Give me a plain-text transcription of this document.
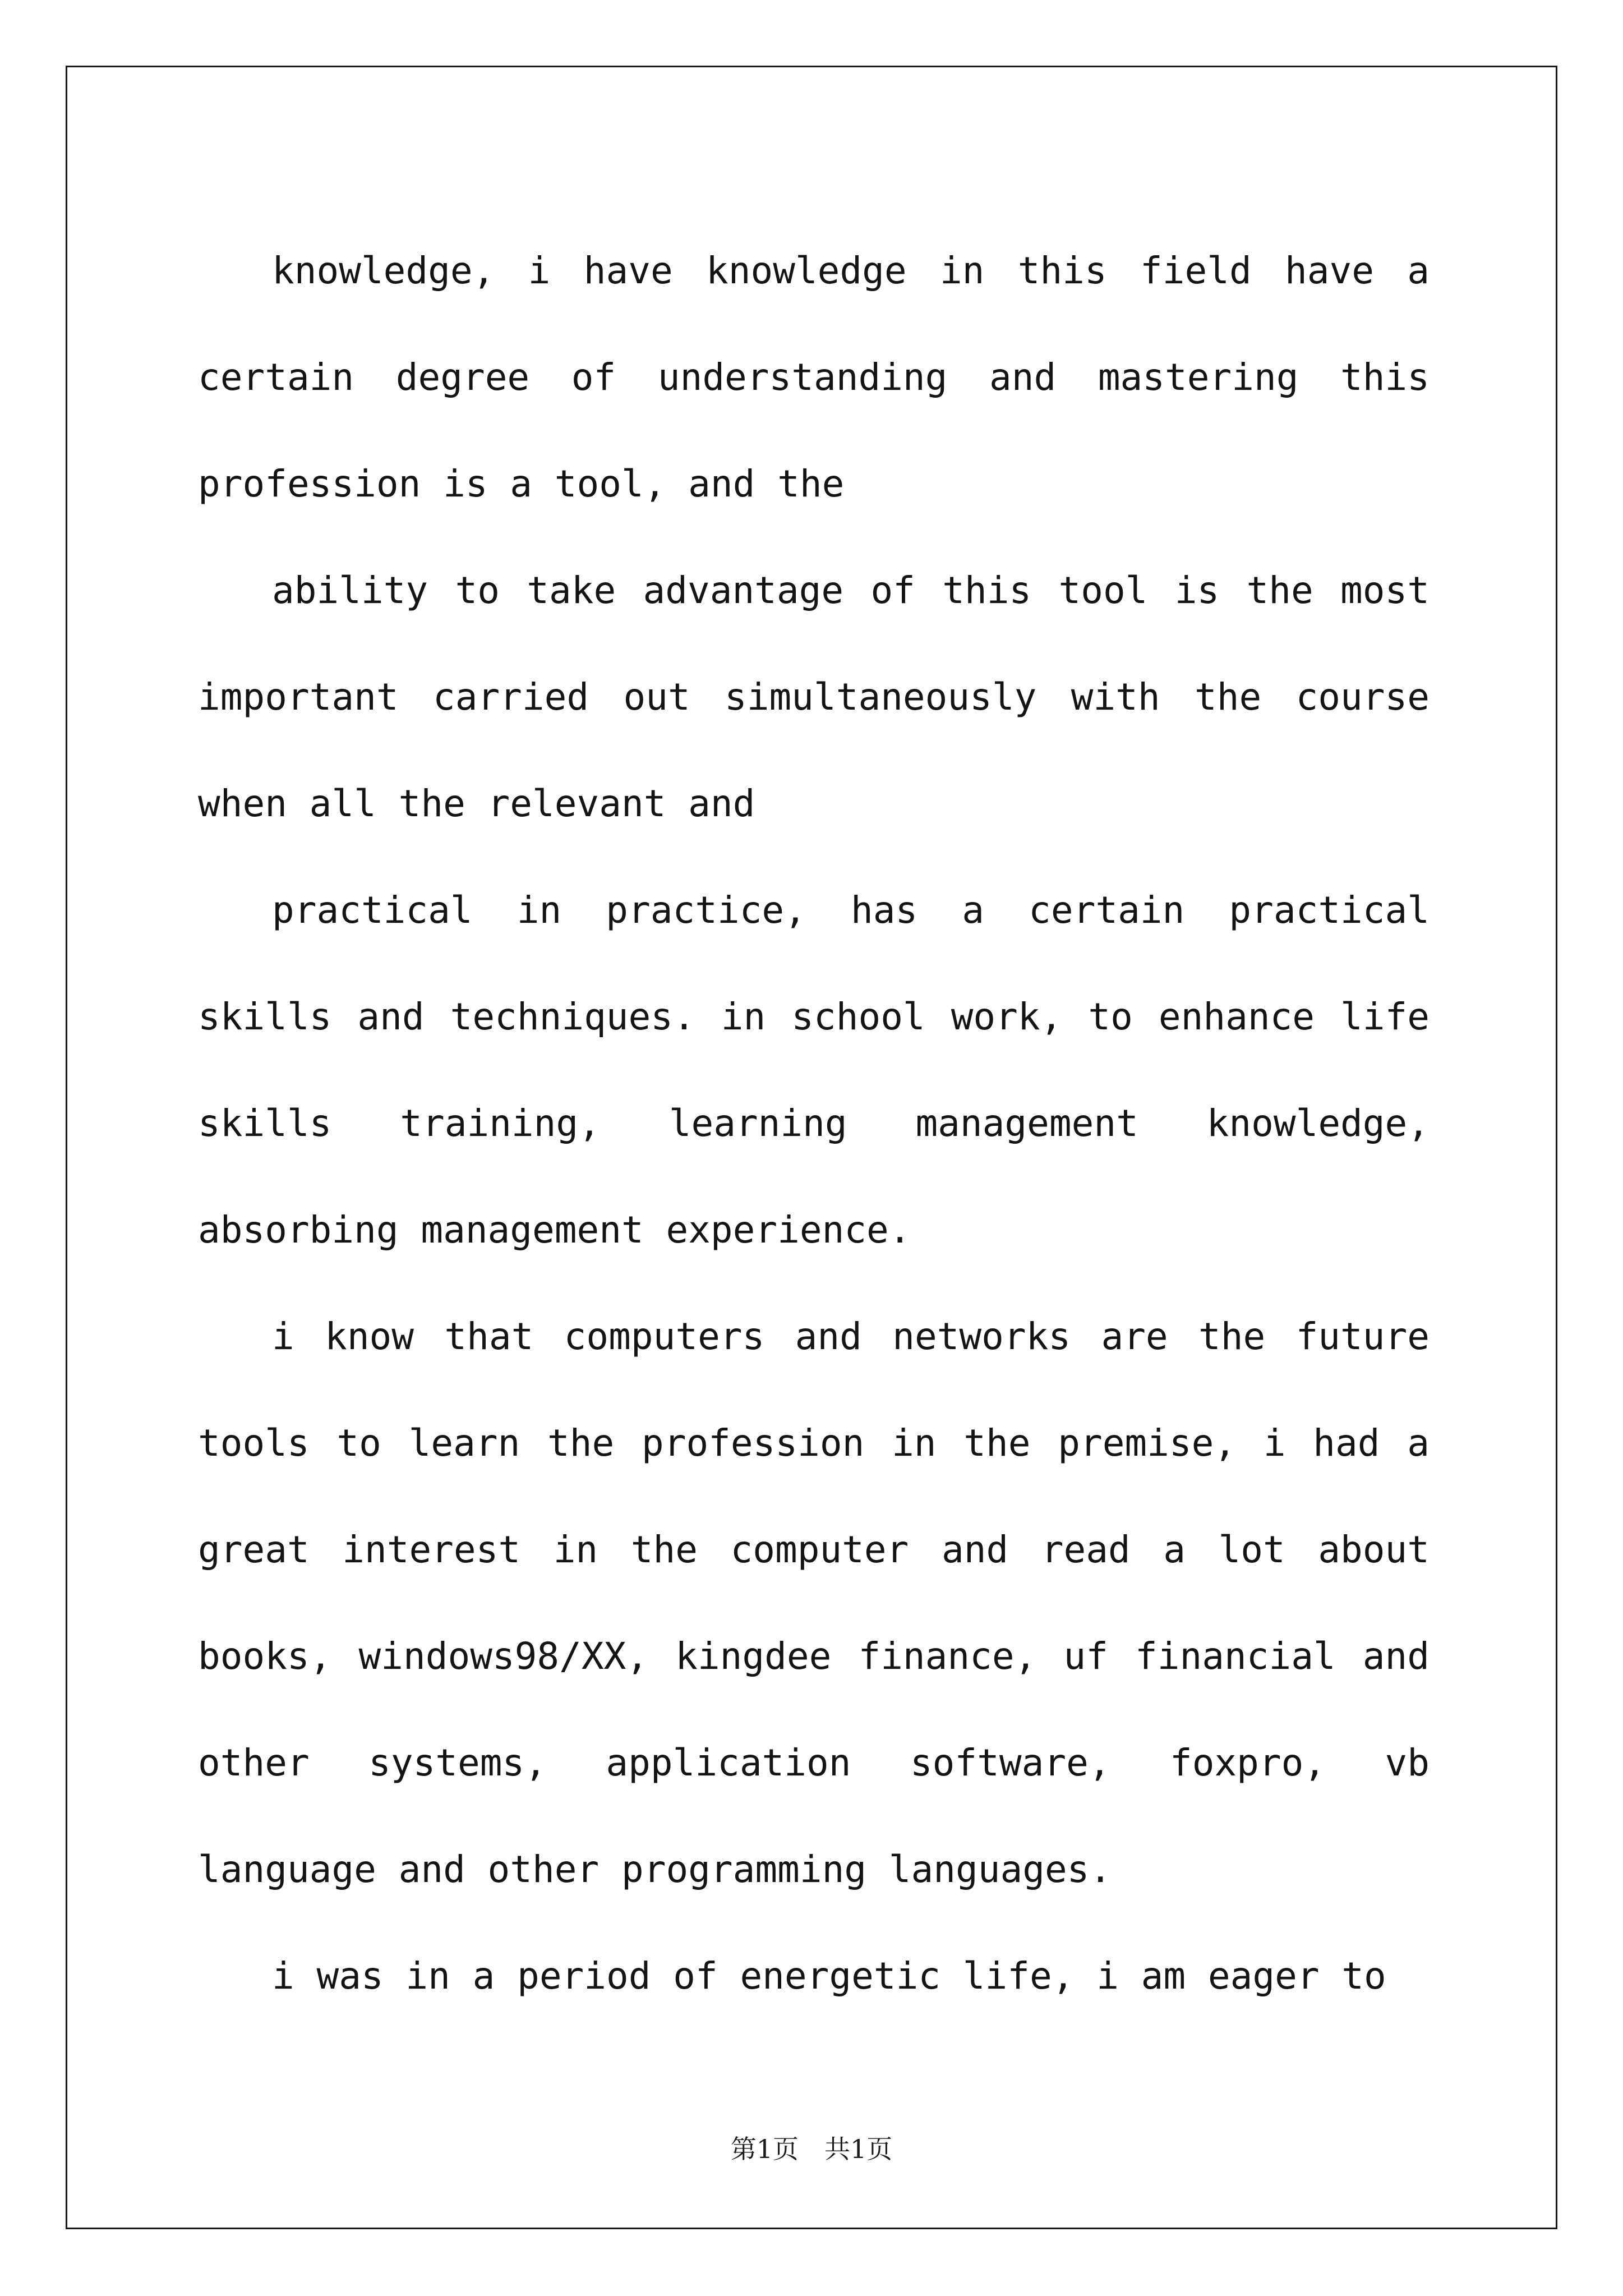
knowledge, i have knowledge in this field have a certain degree of understanding and mastering this profession is a tool, and the

ability to take advantage of this tool is the most important carried out simultaneously with the course when all the relevant and

practical in practice, has a certain practical skills and techniques. in school work, to enhance life skills training, learning management knowledge, absorbing management experience.

i know that computers and networks are the future tools to learn the profession in the premise, i had a great interest in the computer and read a lot about books, windows98/XX, kingdee finance, uf financial and other systems, application software, foxpro, vb language and other programming languages.

i was in a period of energetic life, i am eager to

第1页　共1页
